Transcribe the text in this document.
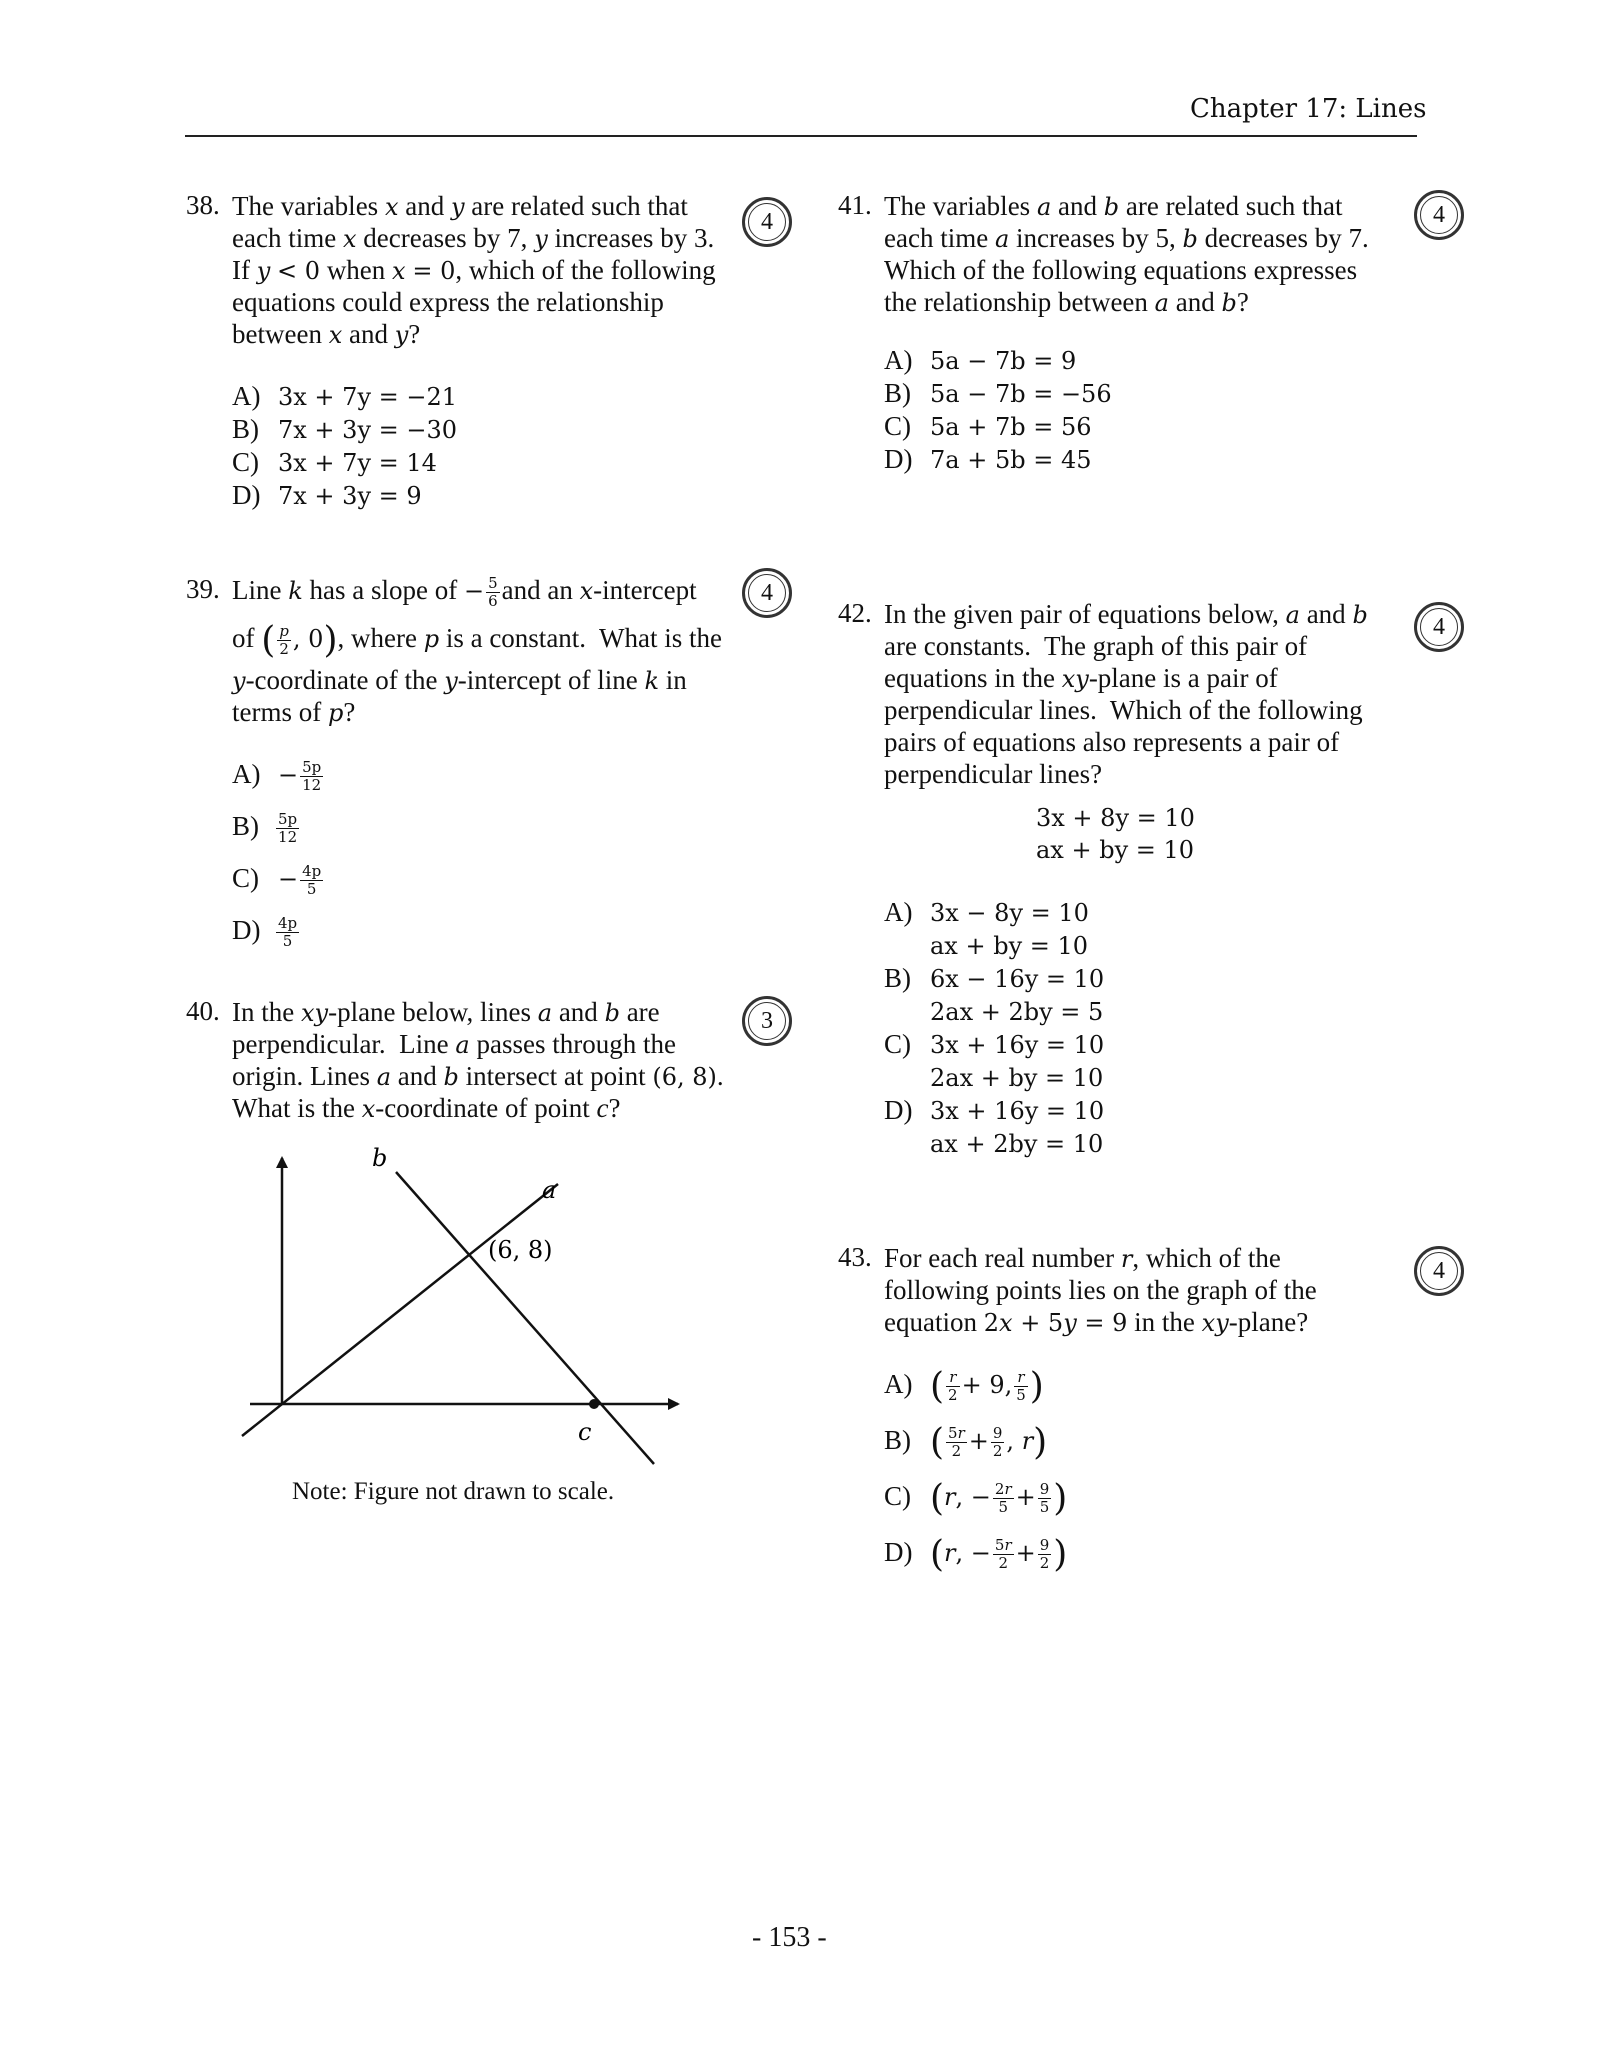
Chapter 17: Lines
38. The variables x and y are related such that
each time x decreases by 7, y increases by 3.
If y < 0 when x = 0, which of the following
equations could express the relationship
between x and y?
4
A) 3x + 7y = −21
B) 7x + 3y = −30
C) 3x + 7y = 14
D) 7x + 3y = 9
39. Line k has a slope of − $\frac{5}{6}$ and an x-intercept
of ( $\frac{p}{2}$ , 0), where p is a constant.  What is the
y-coordinate of the y-intercept of line k in
terms of p?
4
$A) - \frac{5p}{12}$
$B) \frac{5p}{12}$
$C) - \frac{4p}{5}$
$D) \frac{4p}{5}$
40. In the xy-plane below, lines a and b are
perpendicular.  Line a passes through the
origin. Lines a and b intersect at point (6, 8).
What is the x-coordinate of point c?
3
b
a
(6, 8)
c
Note: Figure not drawn to scale.
41. The variables a and b are related such that
each time a increases by 5, b decreases by 7.
Which of the following equations expresses
the relationship between a and b?
4
A) 5a − 7b = 9
B) 5a − 7b = −56
C) 5a + 7b = 56
D) 7a + 5b = 45
42. In the given pair of equations below, a and b
are constants.  The graph of this pair of
equations in the xy-plane is a pair of
perpendicular lines.  Which of the following
pairs of equations also represents a pair of
perpendicular lines?
4
3x + 8y = 10
ax + by = 10
A) 3x − 8y = 10
ax + by = 10
B) 6x − 16y = 10
2ax + 2by = 5
C) 3x + 16y = 10
2ax + by = 10
D) 3x + 16y = 10
ax + 2by = 10
43. For each real number r, which of the
following points lies on the graph of the
equation 2x + 5y = 9 in the xy-plane?
4
A) ( $\frac{r}{2} + 9$, $\frac{r}{5}$ )
B) ( $\frac{5r}{2} + \frac{9}{2}$ , r)
C) (r, − $\frac{2r}{5} + \frac{9}{5}$ )
D) (r, − $\frac{5r}{2} + \frac{9}{2}$ )
- 153 -
